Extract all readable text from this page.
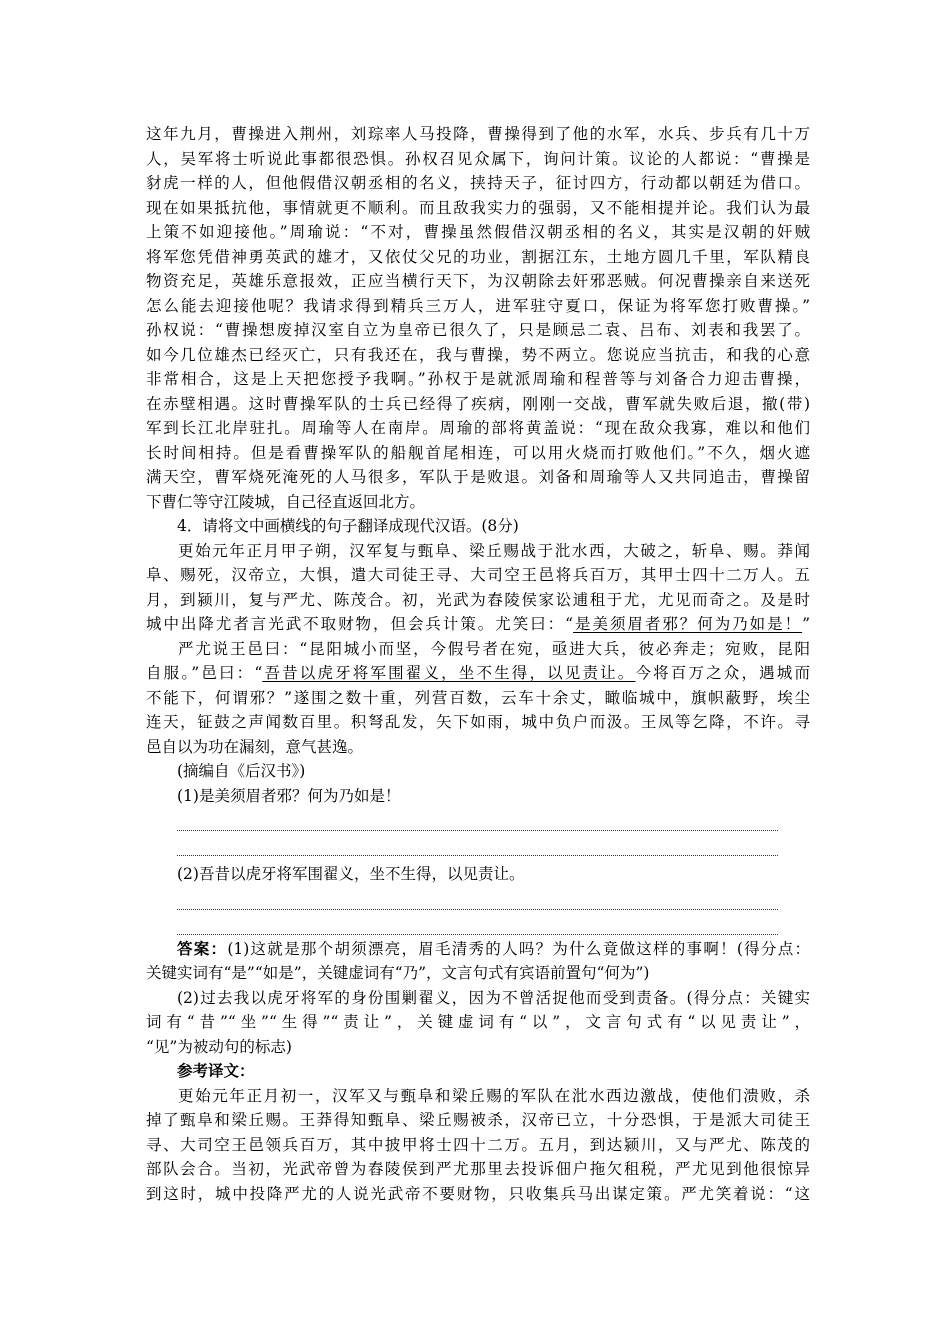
这年九月，曹操进入荆州，刘琮率人马投降，曹操得到了他的水军，水兵、步兵有几十万
人，吴军将士听说此事都很恐惧。孙权召见众属下，询问计策。议论的人都说：“曹操是
豺虎一样的人，但他假借汉朝丞相的名义，挟持天子，征讨四方，行动都以朝廷为借口。
现在如果抵抗他，事情就更不顺利。而且敌我实力的强弱，又不能相提并论。我们认为最
上策不如迎接他。”周瑜说：“不对，曹操虽然假借汉朝丞相的名义，其实是汉朝的奸贼
将军您凭借神勇英武的雄才，又依仗父兄的功业，割据江东，土地方圆几千里，军队精良
物资充足，英雄乐意报效，正应当横行天下，为汉朝除去奸邪恶贼。何况曹操亲自来送死
怎么能去迎接他呢？我请求得到精兵三万人，进军驻守夏口，保证为将军您打败曹操。”
孙权说：“曹操想废掉汉室自立为皇帝已很久了，只是顾忌二袁、吕布、刘表和我罢了。
如今几位雄杰已经灭亡，只有我还在，我与曹操，势不两立。您说应当抗击，和我的心意
非常相合，这是上天把您授予我啊。”孙权于是就派周瑜和程普等与刘备合力迎击曹操，
在赤壁相遇。这时曹操军队的士兵已经得了疾病，刚刚一交战，曹军就失败后退，撤(带)
军到长江北岸驻扎。周瑜等人在南岸。周瑜的部将黄盖说：“现在敌众我寡，难以和他们
长时间相持。但是看曹操军队的船舰首尾相连，可以用火烧而打败他们。”不久，烟火遮
满天空，曹军烧死淹死的人马很多，军队于是败退。刘备和周瑜等人又共同追击，曹操留
下曹仁等守江陵城，自己径直返回北方。
4．请将文中画横线的句子翻译成现代汉语。(8分)
更始元年正月甲子朔，汉军复与甄阜、梁丘赐战于沘水西，大破之，斩阜、赐。莽闻
阜、赐死，汉帝立，大惧，遣大司徒王寻、大司空王邑将兵百万，其甲士四十二万人。五
月，到颍川，复与严尤、陈茂合。初，光武为舂陵侯家讼逋租于尤，尤见而奇之。及是时
城中出降尤者言光武不取财物，但会兵计策。尤笑曰：“是美须眉者邪？何为乃如是！”
严尤说王邑曰：“昆阳城小而坚，今假号者在宛，亟进大兵，彼必奔走；宛败，昆阳
自服。”邑曰：“吾昔以虎牙将军围翟义，坐不生得，以见责让。今将百万之众，遇城而
不能下，何谓邪？”遂围之数十重，列营百数，云车十余丈，瞰临城中，旗帜蔽野，埃尘
连天，钲鼓之声闻数百里。积弩乱发，矢下如雨，城中负户而汲。王凤等乞降，不许。寻
邑自以为功在漏刻，意气甚逸。
(摘编自《后汉书》)
(1)是美须眉者邪？何为乃如是！
(2)吾昔以虎牙将军围翟义，坐不生得，以见责让。
答案：(1)这就是那个胡须漂亮，眉毛清秀的人吗？为什么竟做这样的事啊！(得分点：
关键实词有“是”“如是”，关键虚词有“乃”，文言句式有宾语前置句“何为”)
(2)过去我以虎牙将军的身份围剿翟义，因为不曾活捉他而受到责备。(得分点：关键实
词有“昔”“坐”“生得”“责让”，关键虚词有“以”，文言句式有“以见责让”，
“见”为被动句的标志)
参考译文：
更始元年正月初一，汉军又与甄阜和梁丘赐的军队在沘水西边激战，使他们溃败，杀
掉了甄阜和梁丘赐。王莽得知甄阜、梁丘赐被杀，汉帝已立，十分恐惧，于是派大司徒王
寻、大司空王邑领兵百万，其中披甲将士四十二万。五月，到达颍川，又与严尤、陈茂的
部队会合。当初，光武帝曾为舂陵侯到严尤那里去投诉佃户拖欠租税，严尤见到他很惊异
到这时，城中投降严尤的人说光武帝不要财物，只收集兵马出谋定策。严尤笑着说：“这
